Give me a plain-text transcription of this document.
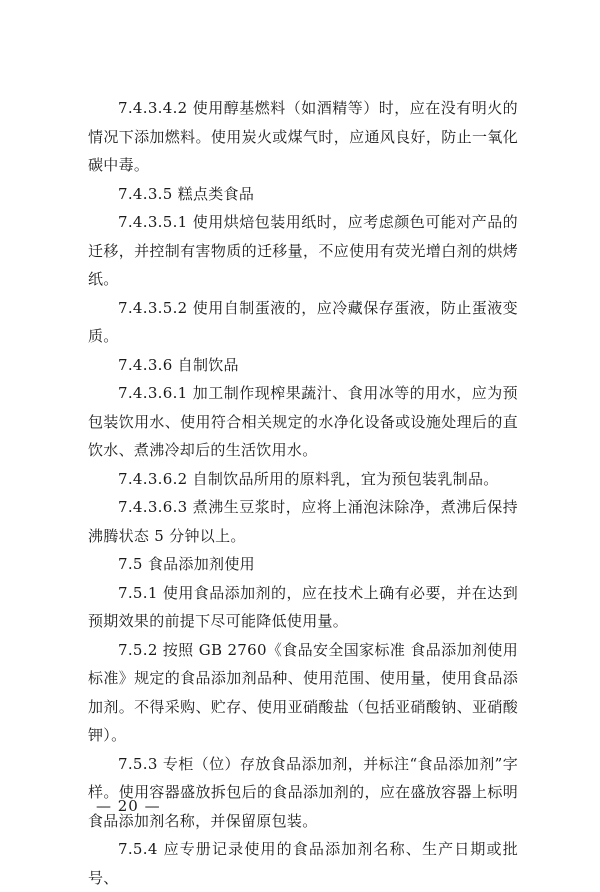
7.4.3.4.2 使用醇基燃料（如酒精等）时，应在没有明火的情况下添加燃料。使用炭火或煤气时，应通风良好，防止一氧化碳中毒。

7.4.3.5 糕点类食品

7.4.3.5.1 使用烘焙包装用纸时，应考虑颜色可能对产品的迁移，并控制有害物质的迁移量，不应使用有荧光增白剂的烘烤纸。

7.4.3.5.2 使用自制蛋液的，应冷藏保存蛋液，防止蛋液变质。

7.4.3.6 自制饮品

7.4.3.6.1 加工制作现榨果蔬汁、食用冰等的用水，应为预包装饮用水、使用符合相关规定的水净化设备或设施处理后的直饮水、煮沸冷却后的生活饮用水。

7.4.3.6.2 自制饮品所用的原料乳，宜为预包装乳制品。

7.4.3.6.3 煮沸生豆浆时，应将上涌泡沫除净，煮沸后保持沸腾状态 5 分钟以上。

7.5 食品添加剂使用

7.5.1 使用食品添加剂的，应在技术上确有必要，并在达到预期效果的前提下尽可能降低使用量。

7.5.2 按照 GB 2760《食品安全国家标准 食品添加剂使用标准》规定的食品添加剂品种、使用范围、使用量，使用食品添加剂。不得采购、贮存、使用亚硝酸盐（包括亚硝酸钠、亚硝酸钾）。

7.5.3 专柜（位）存放食品添加剂，并标注“食品添加剂”字样。使用容器盛放拆包后的食品添加剂的，应在盛放容器上标明食品添加剂名称，并保留原包装。

7.5.4 应专册记录使用的食品添加剂名称、生产日期或批号、

— 20 —
